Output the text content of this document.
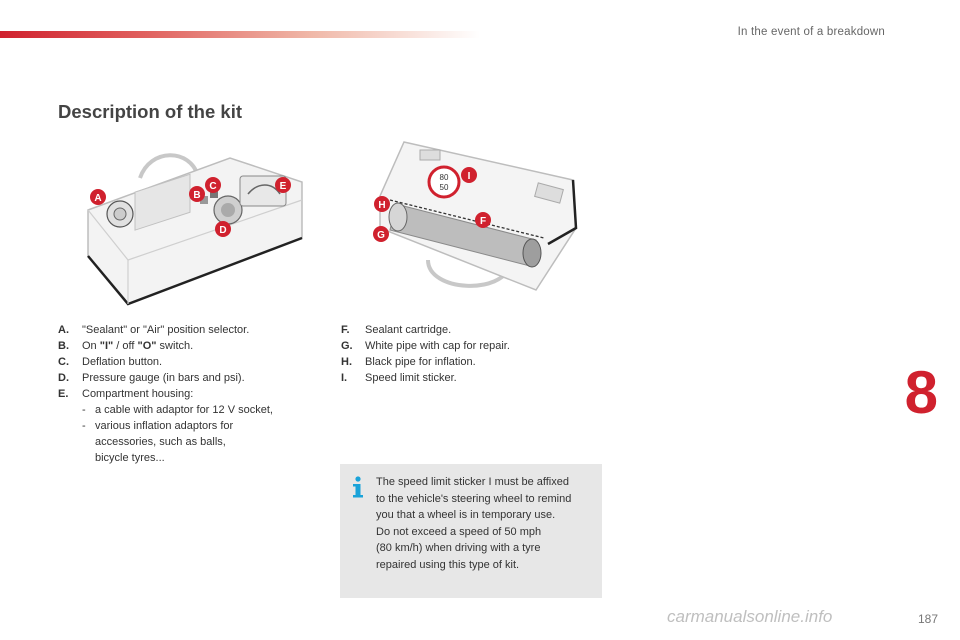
In the event of a breakdown
Description of the kit
A	B
C
D
E
80
50
F
G
H
I
A.	"Sealant" or "Air" position selector.
B.	On "I" / off "O" switch.
C.	Deflation button.
D.	Pressure gauge (in bars and psi).
E.	Compartment housing:
- a cable with adaptor for 12 V socket,
- various inflation adaptors for
accessories, such as balls,
bicycle tyres...
F.	Sealant cartridge.
G.	White pipe with cap for repair.
H.	Black pipe for inflation.
I.	Speed limit sticker.
The speed limit sticker I must be affixed
to the vehicle's steering wheel to remind
you that a wheel is in temporary use.
Do not exceed a speed of 50 mph
(80 km/h) when driving with a tyre
repaired using this type of kit.
8
carmanualsonline.info	187
